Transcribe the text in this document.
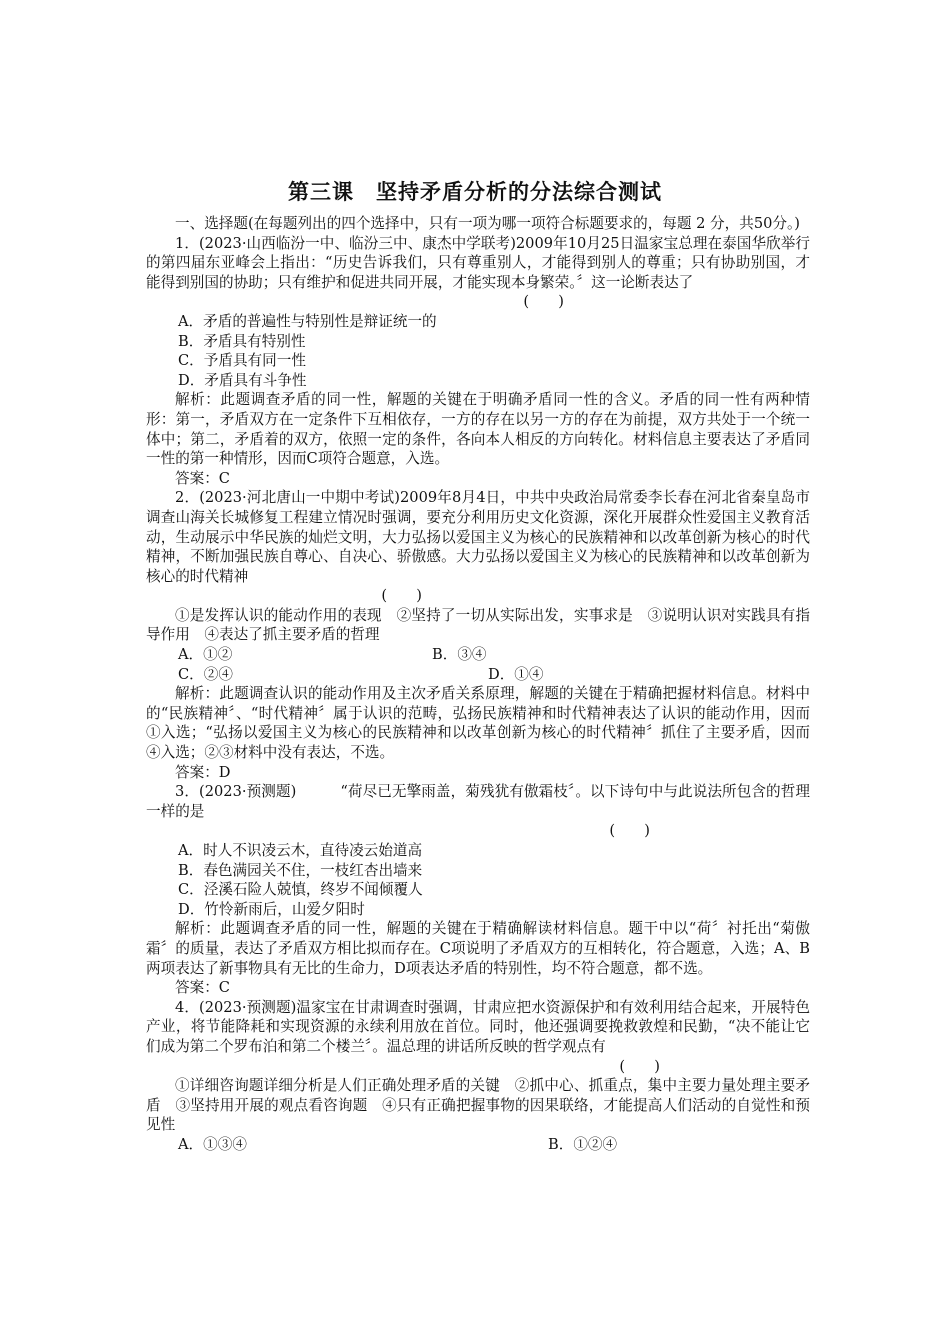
第三课　坚持矛盾分析的分法综合测试

一、选择题(在每题列出的四个选择中，只有一项为哪一项符合标题要求的，每题 2 分，共50分。)

1．(2023·山西临汾一中、临汾三中、康杰中学联考)2009年10月25日温家宝总理在泰国华欣举行的第四届东亚峰会上指出：“历史告诉我们，只有尊重别人，才能得到别人的尊重；只有协助别国，才能得到别国的协助；只有维护和促进共同开展，才能实现本身繁荣。〞这一论断表达了

(　　)

A．矛盾的普遍性与特别性是辩证统一的

B．矛盾具有特别性

C．予盾具有同一性

D．矛盾具有斗争性

解析：此题调查矛盾的同一性，解题的关键在于明确矛盾同一性的含义。矛盾的同一性有两种情形：第一，矛盾双方在一定条件下互相依存，一方的存在以另一方的存在为前提，双方共处于一个统一体中；第二，矛盾着的双方，依照一定的条件，各向本人相反的方向转化。材料信息主要表达了矛盾同一性的第一种情形，因而C项符合题意，入选。

答案：C

2．(2023·河北唐山一中期中考试)2009年8月4日，中共中央政治局常委李长春在河北省秦皇岛市调查山海关长城修复工程建立情况时强调，要充分利用历史文化资源，深化开展群众性爱国主义教育活动，生动展示中华民族的灿烂文明，大力弘扬以爱国主义为核心的民族精神和以改革创新为核心的时代精神，不断加强民族自尊心、自决心、骄傲感。大力弘扬以爱国主义为核心的民族精神和以改革创新为核心的时代精神

(　　)

①是发挥认识的能动作用的表现　②坚持了一切从实际出发，实事求是　③说明认识对实践具有指导作用　④表达了抓主要矛盾的哲理

A．①②	B．③④
C．②④	D．①④

解析：此题调查认识的能动作用及主次矛盾关系原理，解题的关键在于精确把握材料信息。材料中的“民族精神〞、“时代精神〞属于认识的范畴，弘扬民族精神和时代精神表达了认识的能动作用，因而①入选；“弘扬以爱国主义为核心的民族精神和以改革创新为核心的时代精神〞抓住了主要矛盾，因而④入选；②③材料中没有表达，不选。

答案：D

3．(2023·预测题)　　　“荷尽已无擎雨盖，菊残犹有傲霜枝〞。以下诗句中与此说法所包含的哲理一样的是

(　　)

A．时人不识凌云木，直待凌云始道高

B．春色满园关不住，一枝红杏出墙来

C．泾溪石险人兢慎，终岁不闻倾覆人

D．竹怜新雨后，山爱夕阳时

解析：此题调查矛盾的同一性，解题的关键在于精确解读材料信息。题干中以“荷〞衬托出“菊傲霜〞的质量，表达了矛盾双方相比拟而存在。C项说明了矛盾双方的互相转化，符合题意，入选；A、B两项表达了新事物具有无比的生命力，D项表达矛盾的特别性，均不符合题意，都不选。

答案：C

4．(2023·预测题)温家宝在甘肃调查时强调，甘肃应把水资源保护和有效利用结合起来，开展特色产业，将节能降耗和实现资源的永续利用放在首位。同时，他还强调要挽救敦煌和民勤，“决不能让它们成为第二个罗布泊和第二个楼兰〞。温总理的讲话所反映的哲学观点有

(　　)

①详细咨询题详细分析是人们正确处理矛盾的关键　②抓中心、抓重点，集中主要力量处理主要矛盾　③坚持用开展的观点看咨询题　④只有正确把握事物的因果联络，才能提高人们活动的自觉性和预见性

A．①③④	B．①②④
